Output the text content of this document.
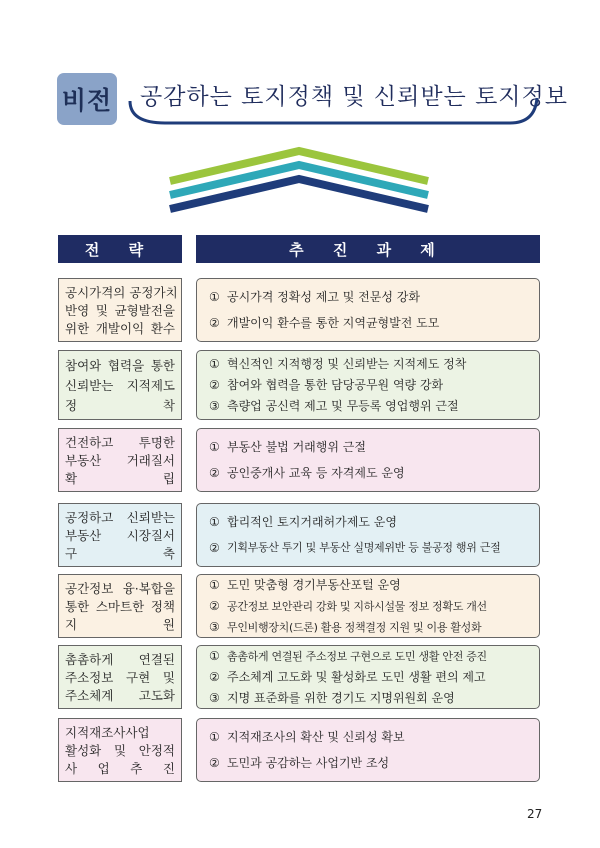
비전 공감하는 토지정책 및 신뢰받는 토지정보
전 략	추 진 과 제
공시가격의 공정가치
반영 및 균형발전을
위한 개발이익 환수
① 공시가격 정확성 제고 및 전문성 강화
② 개발이익 환수를 통한 지역균형발전 도모
참여와 협력을 통한
신뢰받는 지적제도
정 착
① 혁신적인 지적행정 및 신뢰받는 지적제도 정착
② 참여와 협력을 통한 담당공무원 역량 강화
③ 측량업 공신력 제고 및 무등록 영업행위 근절
건전하고 투명한
부동산 거래질서
확 립
① 부동산 불법 거래행위 근절
② 공인중개사 교육 등 자격제도 운영
공정하고 신뢰받는
부동산 시장질서
구 축
① 합리적인 토지거래허가제도 운영
② 기획부동산 투기 및 부동산 실명제위반 등 불공정 행위 근절
공간정보 융·복합을
통한 스마트한 정책
지 원
① 도민 맞춤형 경기부동산포털 운영
② 공간정보 보안관리 강화 및 지하시설물 정보 정확도 개선
③ 무인비행장치(드론) 활용 정책결정 지원 및 이용 활성화
촘촘하게 연결된
주소정보 구현 및
주소체계 고도화
① 촘촘하게 연결된 주소정보 구현으로 도민 생활 안전 증진
② 주소체계 고도화 및 활성화로 도민 생활 편의 제고
③ 지명 표준화를 위한 경기도 지명위원회 운영
지적재조사사업
활성화 및 안정적
사 업 추 진
① 지적재조사의 확산 및 신뢰성 확보
② 도민과 공감하는 사업기반 조성
27
